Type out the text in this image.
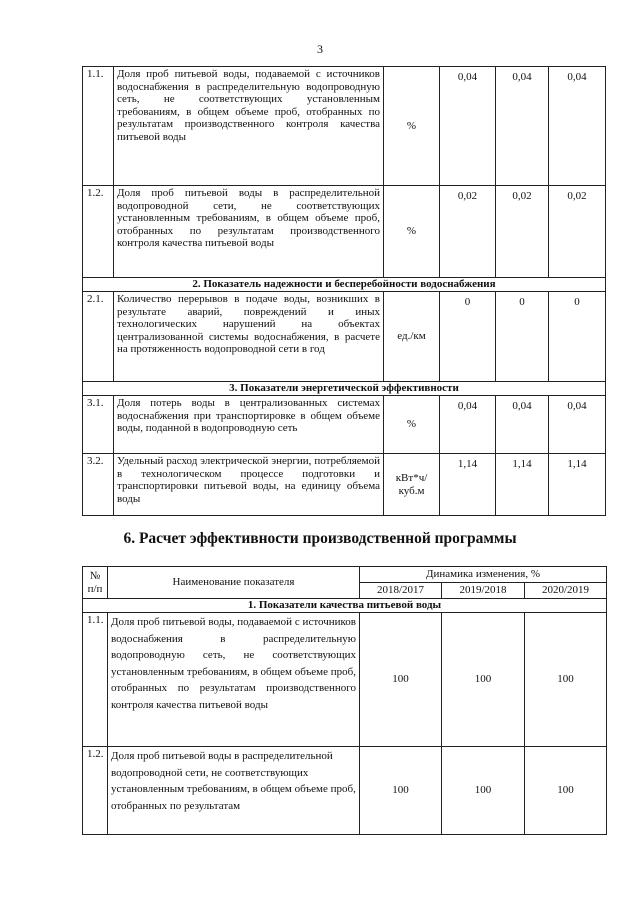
3
1.1.	Доля проб питьевой воды, подаваемой с источников водоснабжения в распределительную водопроводную сеть, не соответствующих установленным требованиям, в общем объеме проб, отобранных по результатам производственного контроля качества питьевой воды	%	0,04	0,04	0,04
1.2.	Доля проб питьевой воды в распределительной водопроводной сети, не соответствующих установленным требованиям, в общем объеме проб, отобранных по результатам производственного контроля качества питьевой воды	%	0,02	0,02	0,02
2. Показатель надежности и бесперебойности водоснабжения					
2.1.	Количество перерывов в подаче воды, возникших в результате аварий, повреждений и иных технологических нарушений на объектах централизованной системы водоснабжения, в расчете на протяженность водопроводной сети в год	ед./км	0	0	0
3. Показатели энергетической эффективности					
3.1.	Доля потерь воды в централизованных системах водоснабжения при транспортировке в общем объеме воды, поданной в водопроводную сеть	%	0,04	0,04	0,04
3.2.	Удельный расход электрической энергии, потребляемой в технологическом процессе подготовки и транспортировки питьевой воды, на единицу объема воды	кВт*ч/куб.м	1,14	1,14	1,14
6. Расчет эффективности производственной программы
№ п/п	Наименование показателя	Динамика изменения, %		
		2018/2017	2019/2018	2020/2019
1. Показатели качества питьевой воды				
1.1.	Доля проб питьевой воды, подаваемой с источников водоснабжения в распределительную водопроводную сеть, не соответствующих установленным требованиям, в общем объеме проб, отобранных по результатам производственного контроля качества питьевой воды	100	100	100
1.2.	Доля проб питьевой воды в распределительной водопроводной сети, не соответствующих установленным требованиям, в общем объеме проб, отобранных по результатам	100	100	100
